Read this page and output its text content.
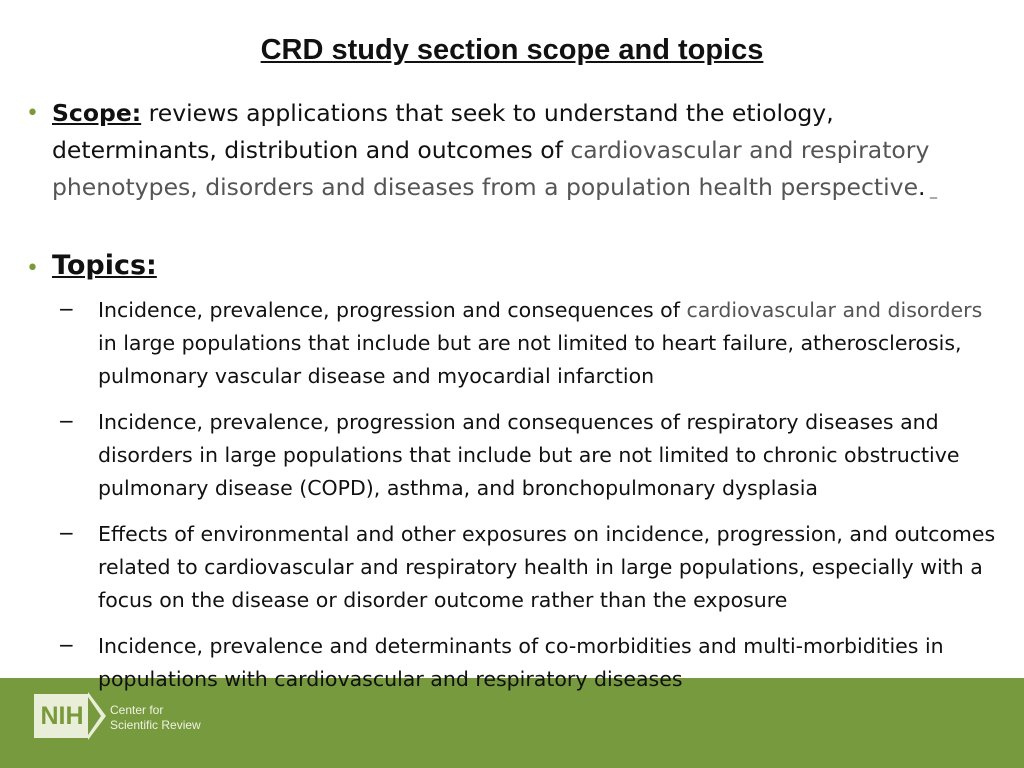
CRD study section scope and topics
• Scope: reviews applications that seek to understand the etiology, determinants, distribution and outcomes of cardiovascular and respiratory phenotypes, disorders and diseases from a population health perspective. _
• Topics:
− Incidence, prevalence, progression and consequences of cardiovascular and disorders in large populations that include but are not limited to heart failure, atherosclerosis, pulmonary vascular disease and myocardial infarction
− Incidence, prevalence, progression and consequences of respiratory diseases and disorders in large populations that include but are not limited to chronic obstructive pulmonary disease (COPD), asthma, and bronchopulmonary dysplasia
− Effects of environmental and other exposures on incidence, progression, and outcomes related to cardiovascular and respiratory health in large populations, especially with a focus on the disease or disorder outcome rather than the exposure
NIH	Center for
Scientific Review
− Incidence, prevalence and determinants of co-morbidities and multi-morbidities in populations with cardiovascular and respiratory diseases
